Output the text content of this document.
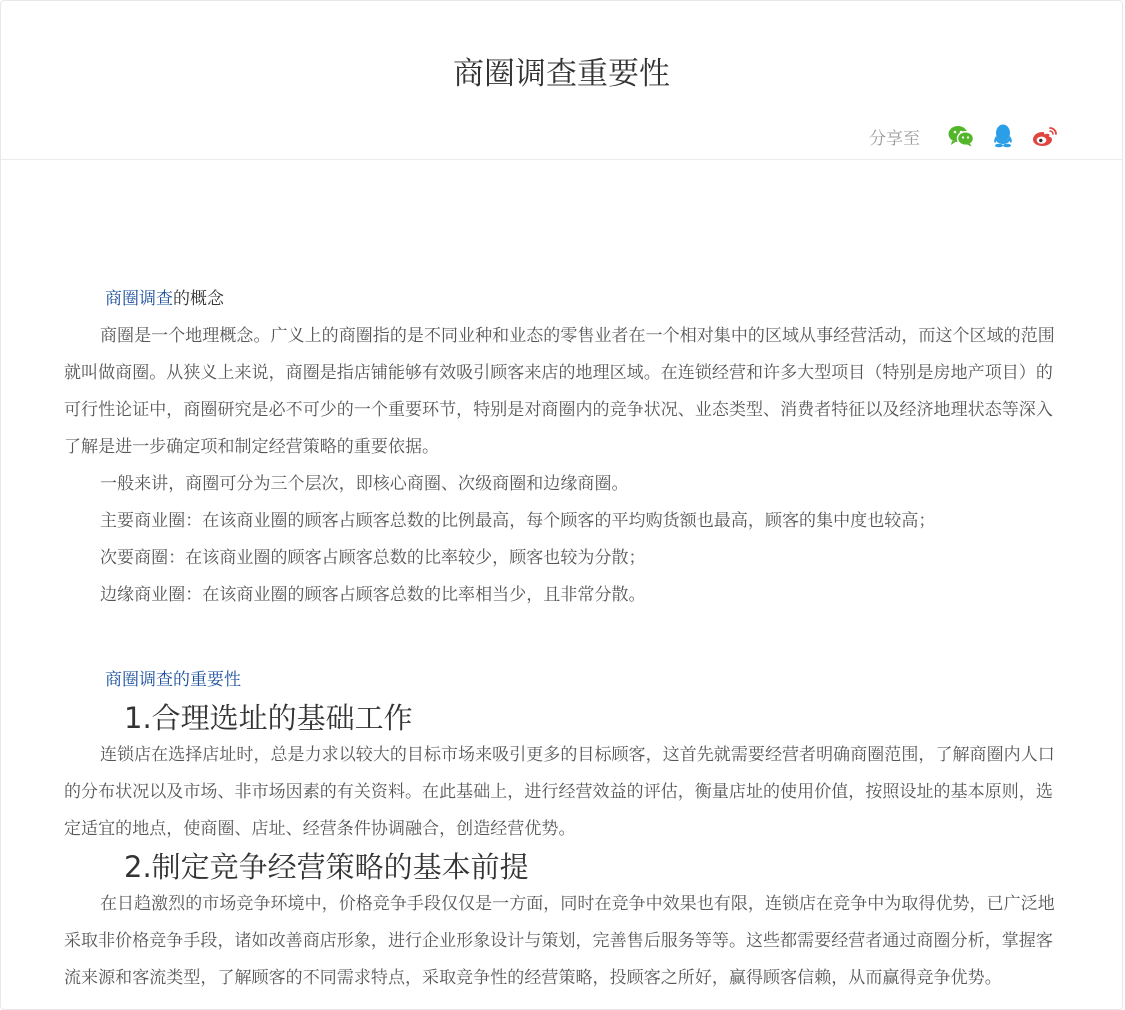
商圈调查重要性
分享至

商圈调查的概念

商圈是一个地理概念。广义上的商圈指的是不同业种和业态的零售业者在一个相对集中的区域从事经营活动，而这个区域的范围就叫做商圈。从狭义上来说，商圈是指店铺能够有效吸引顾客来店的地理区域。在连锁经营和许多大型项目（特别是房地产项目）的可行性论证中，商圈研究是必不可少的一个重要环节，特别是对商圈内的竞争状况、业态类型、消费者特征以及经济地理状态等深入了解是进一步确定项和制定经营策略的重要依据。

一般来讲，商圈可分为三个层次，即核心商圈、次级商圈和边缘商圈。

主要商业圈：在该商业圈的顾客占顾客总数的比例最高，每个顾客的平均购货额也最高，顾客的集中度也较高；

次要商圈：在该商业圈的顾客占顾客总数的比率较少，顾客也较为分散；

边缘商业圈：在该商业圈的顾客占顾客总数的比率相当少，且非常分散。

商圈调查的重要性

1.合理选址的基础工作

连锁店在选择店址时，总是力求以较大的目标市场来吸引更多的目标顾客，这首先就需要经营者明确商圈范围，了解商圈内人口的分布状况以及市场、非市场因素的有关资料。在此基础上，进行经营效益的评估，衡量店址的使用价值，按照设址的基本原则，选定适宜的地点，使商圈、店址、经营条件协调融合，创造经营优势。

2.制定竞争经营策略的基本前提

在日趋激烈的市场竞争环境中，价格竞争手段仅仅是一方面，同时在竞争中效果也有限，连锁店在竞争中为取得优势，已广泛地采取非价格竞争手段，诸如改善商店形象，进行企业形象设计与策划，完善售后服务等等。这些都需要经营者通过商圈分析，掌握客流来源和客流类型，了解顾客的不同需求特点，采取竞争性的经营策略，投顾客之所好，赢得顾客信赖，从而赢得竞争优势。
